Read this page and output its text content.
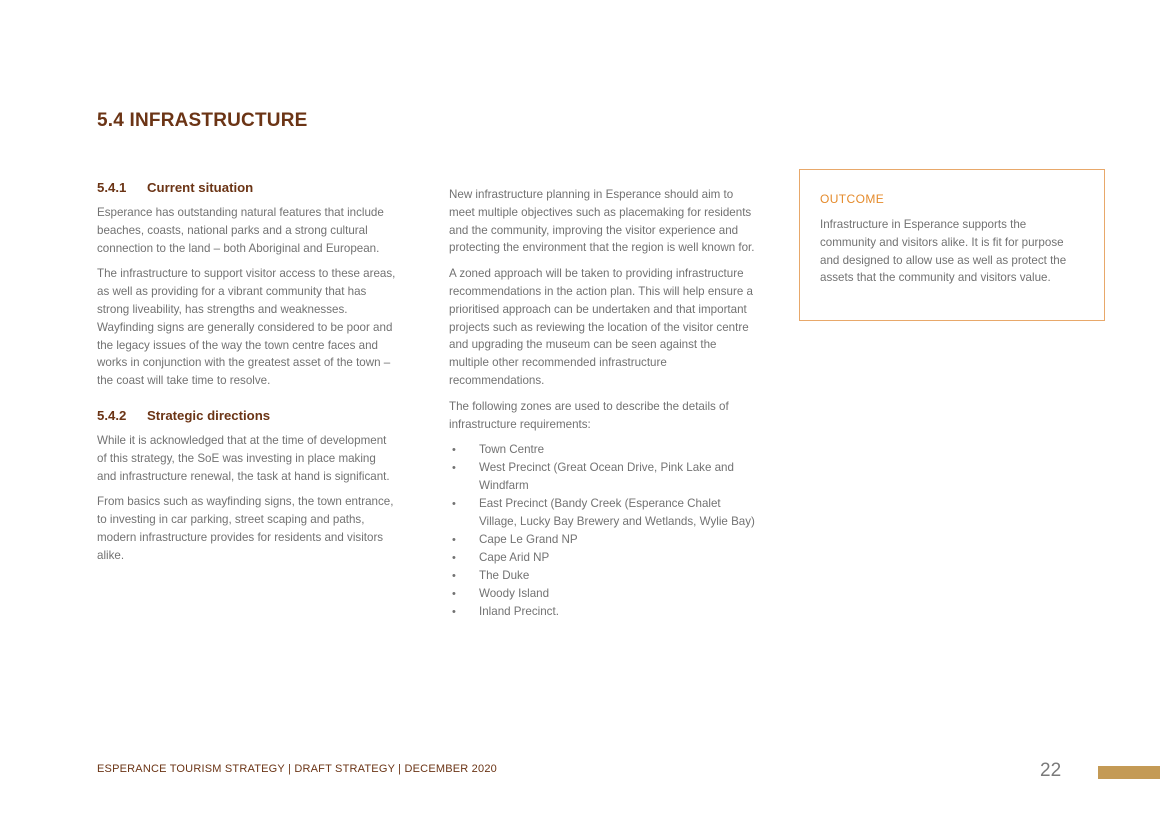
5.4 INFRASTRUCTURE
5.4.1 Current situation

Esperance has outstanding natural features that include beaches, coasts, national parks and a strong cultural connection to the land – both Aboriginal and European.

The infrastructure to support visitor access to these areas, as well as providing for a vibrant community that has strong liveability, has strengths and weaknesses. Wayfinding signs are generally considered to be poor and the legacy issues of the way the town centre faces and works in conjunction with the greatest asset of the town – the coast will take time to resolve.

5.4.2 Strategic directions

While it is acknowledged that at the time of development of this strategy, the SoE was investing in place making and infrastructure renewal, the task at hand is significant.

From basics such as wayfinding signs, the town entrance, to investing in car parking, street scaping and paths, modern infrastructure provides for residents and visitors alike.

New infrastructure planning in Esperance should aim to meet multiple objectives such as placemaking for residents and the community, improving the visitor experience and protecting the environment that the region is well known for.

A zoned approach will be taken to providing infrastructure recommendations in the action plan. This will help ensure a prioritised approach can be undertaken and that important projects such as reviewing the location of the visitor centre and upgrading the museum can be seen against the multiple other recommended infrastructure recommendations.

The following zones are used to describe the details of infrastructure requirements:

• Town Centre
• West Precinct (Great Ocean Drive, Pink Lake and Windfarm
• East Precinct (Bandy Creek (Esperance Chalet Village, Lucky Bay Brewery and Wetlands, Wylie Bay)
• Cape Le Grand NP
• Cape Arid NP
• The Duke
• Woody Island
• Inland Precinct.
OUTCOME

Infrastructure in Esperance supports the community and visitors alike. It is fit for purpose and designed to allow use as well as protect the assets that the community and visitors value.

ESPERANCE TOURISM STRATEGY | DRAFT STRATEGY | DECEMBER 2020	22
